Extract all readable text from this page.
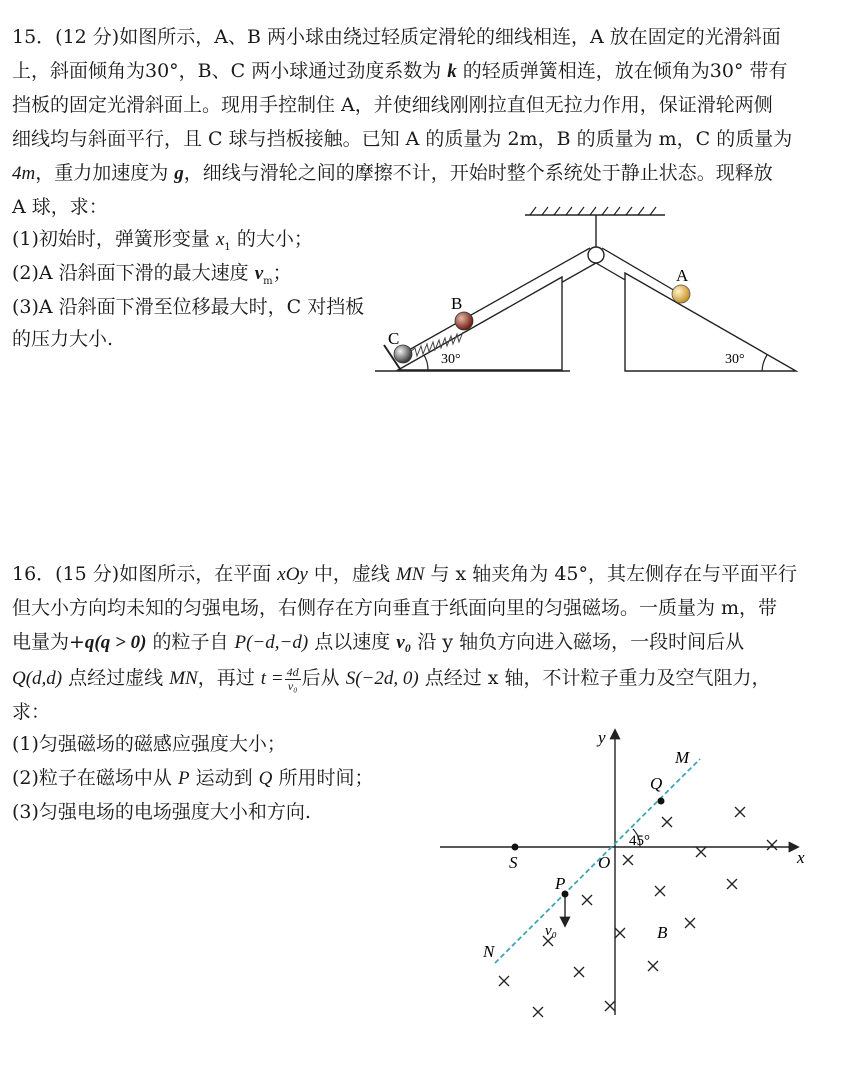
15．(12 分)如图所示，A、B 两小球由绕过轻质定滑轮的细线相连，A 放在固定的光滑斜面
上，斜面倾角为30°，B、C 两小球通过劲度系数为 k 的轻质弹簧相连，放在倾角为30° 带有
挡板的固定光滑斜面上。现用手控制住 A，并使细线刚刚拉直但无拉力作用，保证滑轮两侧
细线均与斜面平行，且 C 球与挡板接触。已知 A 的质量为 2m，B 的质量为 m，C 的质量为
4m，重力加速度为 g，细线与滑轮之间的摩擦不计，开始时整个系统处于静止状态。现释放
A 球，求：
(1)初始时，弹簧形变量 $x_1$ 的大小；
(2)A 沿斜面下滑的最大速度 $v_m$；
(3)A 沿斜面下滑至位移最大时，C 对挡板
的压力大小.
A
B
C
30°	30°
16．(15 分)如图所示，在平面 xOy 中，虚线 MN 与 x 轴夹角为 45°，其左侧存在与平面平行
但大小方向均未知的匀强电场，右侧存在方向垂直于纸面向里的匀强磁场。一质量为 m，带
电量为+q(q > 0) 的粒子自 P(−d,−d) 点以速度 v₀ 沿 y 轴负方向进入磁场，一段时间后从
Q(d,d) 点经过虚线 MN，再过 $t = \frac{4d}{\text{v₀}}$ 后从 S(−2d, 0) 点经过 x 轴，不计粒子重力及空气阻力，
求：
(1)匀强磁场的磁感应强度大小；
(2)粒子在磁场中从 P 运动到 Q 所用时间；
(3)匀强电场的电场强度大小和方向.
x
y
M
N
45°
Q
S	O
P
v₀	B
